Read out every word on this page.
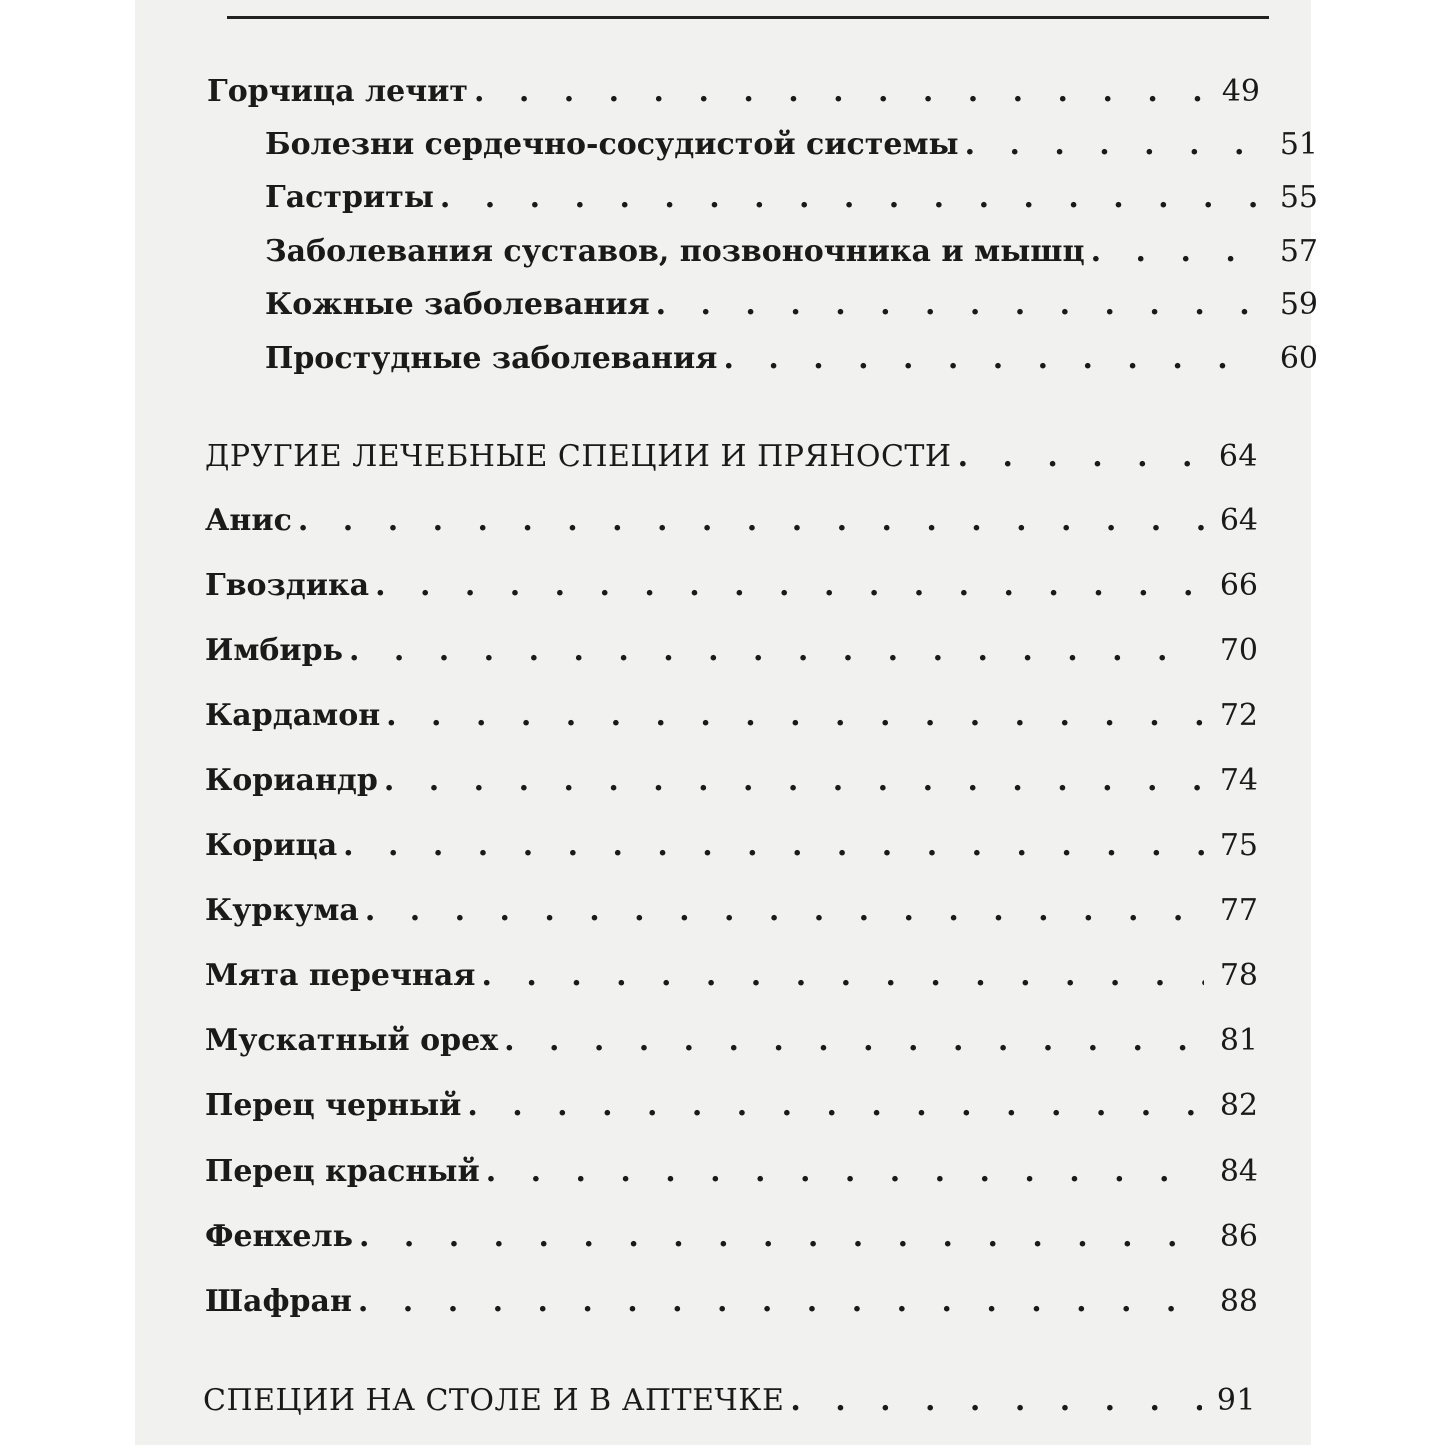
Горчица лечит . . .	49
Болезни сердечно-сосудистой системы . . .	51
Гастриты . . .	55
Заболевания суставов, позвоночника и мышц . . .	57
Кожные заболевания . . .	59
Простудные заболевания . . .	60
ДРУГИЕ ЛЕЧЕБНЫЕ СПЕЦИИ И ПРЯНОСТИ . . .	64
Анис . . .	64
Гвоздика . . .	66
Имбирь . . .	70
Кардамон . . .	72
Кориандр . . .	74
Корица . . .	75
Куркума . . .	77
Мята перечная . . .	78
Мускатный орех . . .	81
Перец черный . . .	82
Перец красный . . .	84
Фенхель . . .	86
Шафран . . .	88
СПЕЦИИ НА СТОЛЕ И В АПТЕЧКЕ . . .	91
